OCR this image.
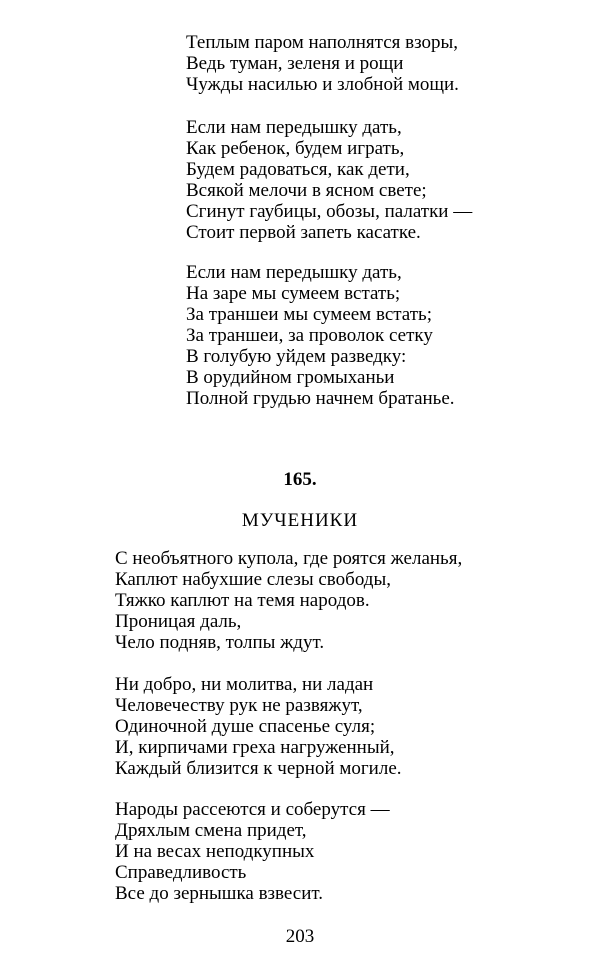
Теплым паром наполнятся взоры,

Ведь туман, зеленя и рощи

Чужды насилью и злобной мощи.

Если нам передышку дать,

Как ребенок, будем играть,

Будем радоваться, как дети,

Всякой мелочи в ясном свете;

Сгинут гаубицы, обозы, палатки —

Стоит первой запеть касатке.

Если нам передышку дать,

На заре мы сумеем встать;

За траншеи мы сумеем встать;

За траншеи, за проволок сетку

В голубую уйдем разведку:

В орудийном громыханьи

Полной грудью начнем братанье.

165.

МУЧЕНИКИ

С необъятного купола, где роятся желанья,

Каплют набухшие слезы свободы,

Тяжко каплют на темя народов.

Проницая даль,

Чело подняв, толпы ждут.

Ни добро, ни молитва, ни ладан

Человечеству рук не развяжут,

Одиночной душе спасенье суля;

И, кирпичами греха нагруженный,

Каждый близится к черной могиле.

Народы рассеются и соберутся —

Дряхлым смена придет,

И на весах неподкупных

Справедливость

Все до зернышка взвесит.

203
